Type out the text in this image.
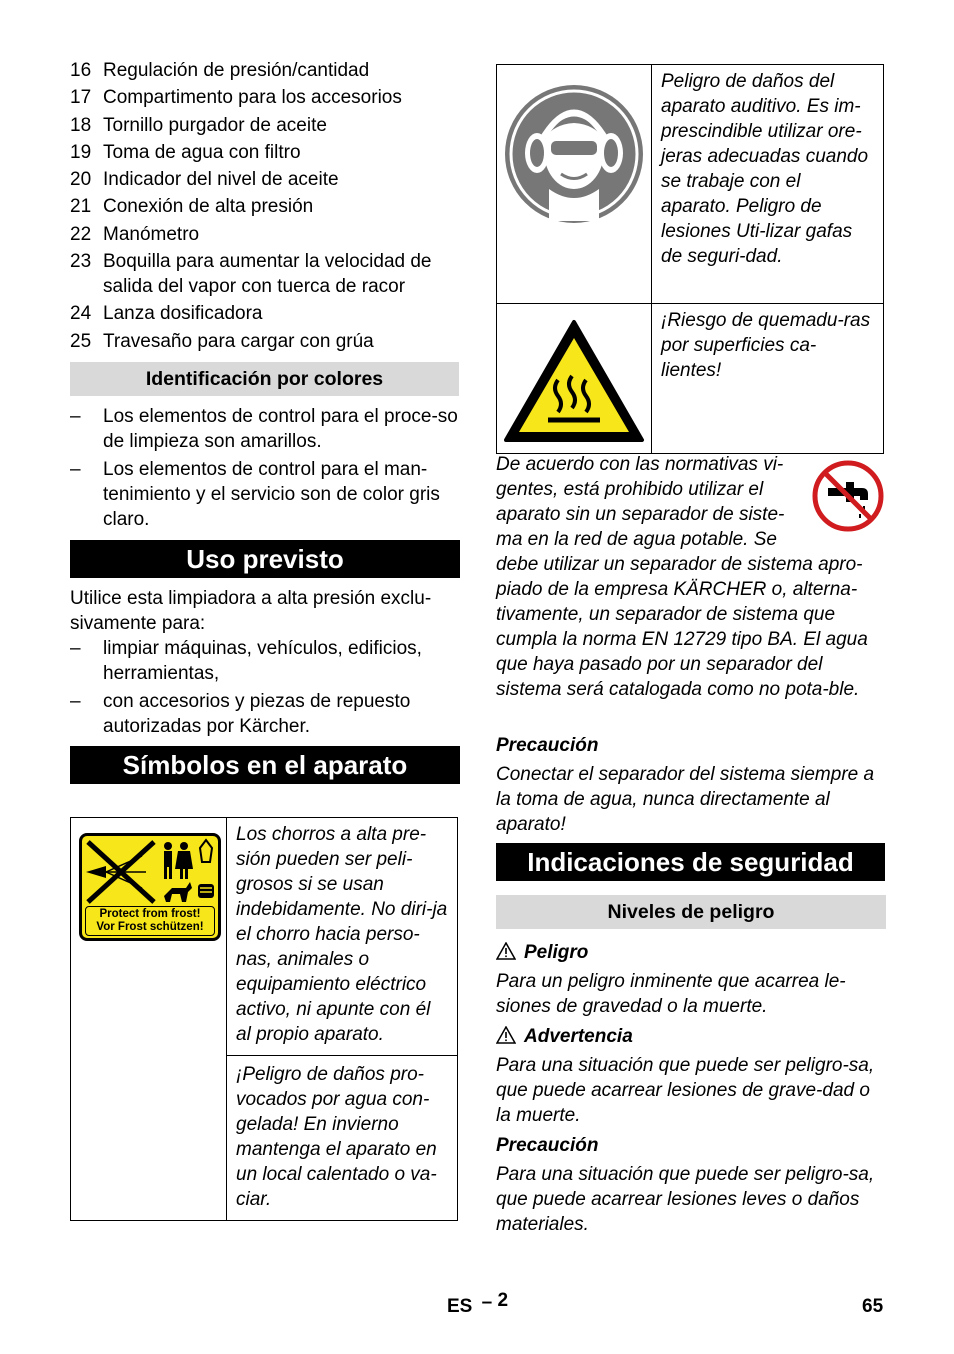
16 Regulación de presión/cantidad
17 Compartimento para los accesorios
18 Tornillo purgador de aceite
19 Toma de agua con filtro
20 Indicador del nivel de aceite
21 Conexión de alta presión
22 Manómetro
23 Boquilla para aumentar la velocidad de salida del vapor con tuerca de racor
24 Lanza dosificadora
25 Travesaño para cargar con grúa
Identificación por colores
–	Los elementos de control para el proce-so de limpieza son amarillos.
–	Los elementos de control para el man-tenimiento y el servicio son de color gris claro.
Uso previsto
Utilice esta limpiadora a alta presión exclu-sivamente para:
–	limpiar máquinas, vehículos, edificios, herramientas,
–	con accesorios y piezas de repuesto autorizadas por Kärcher.
Símbolos en el aparato
Protect from frost!
Vor Frost schützen!

Los chorros a alta pre-sión pueden ser peli-grosos si se usan indebidamente. No diri-ja el chorro hacia perso-nas, animales o equipamiento eléctrico activo, ni apunte con él al propio aparato.

¡Peligro de daños pro-vocados por agua con-gelada! En invierno mantenga el aparato en un local calentado o va-ciar.

Peligro de daños del aparato auditivo. Es im-prescindible utilizar ore-jeras adecuadas cuando se trabaje con el aparato. Peligro de lesiones Uti-lizar gafas de seguri-dad.

¡Riesgo de quemadu-ras por superficies ca-lientes!
De acuerdo con las normativas vi-gentes, está prohibido utilizar el aparato sin un separador de siste-ma en la red de agua potable. Se debe utilizar un separador de sistema apro-piado de la empresa KÄRCHER o, alterna-tivamente, un separador de sistema que cumpla la norma EN 12729 tipo BA. El agua que haya pasado por un separador del sistema será catalogada como no pota-ble.
Precaución
Conectar el separador del sistema siempre a la toma de agua, nunca directamente al aparato!
Indicaciones de seguridad
Niveles de peligro
Peligro
Para un peligro inminente que acarrea le-siones de gravedad o la muerte.
Advertencia
Para una situación que puede ser peligro-sa, que puede acarrear lesiones de grave-dad o la muerte.
Precaución
Para una situación que puede ser peligro-sa, que puede acarrear lesiones leves o daños materiales.
ES – 2	65
